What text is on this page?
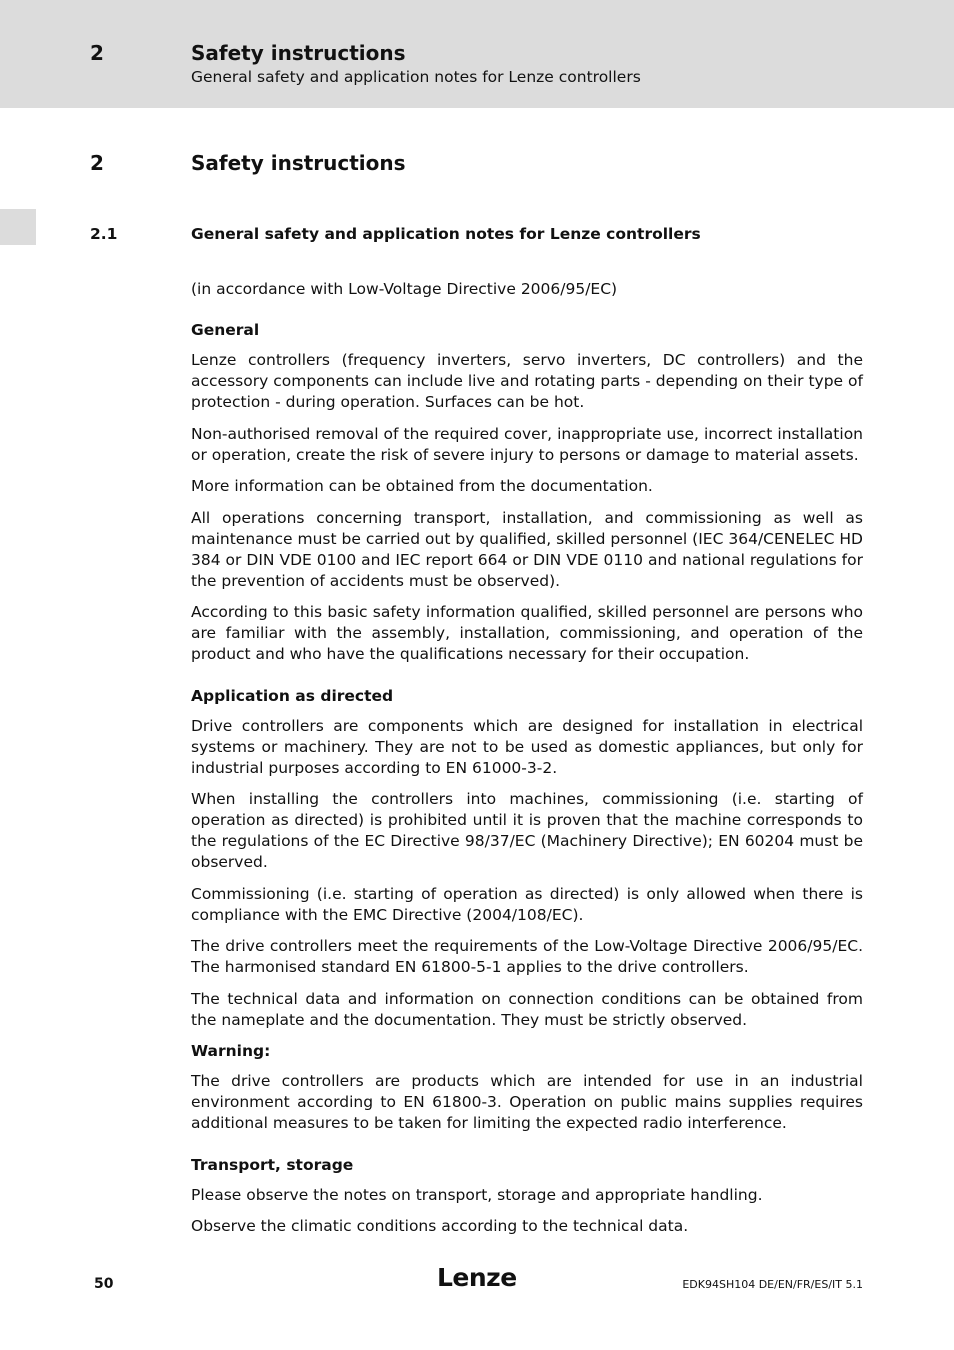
2	Safety instructions
General safety and application notes for Lenze controllers
2	Safety instructions
2.1	General safety and application notes for Lenze controllers

(in accordance with Low-Voltage Directive 2006/95/EC)

General

Lenze controllers (frequency inverters, servo inverters, DC controllers) and the accessory components can include live and rotating parts - depending on their type of protection - during operation. Surfaces can be hot.

Non-authorised removal of the required cover, inappropriate use, incorrect installation or operation, create the risk of severe injury to persons or damage to material assets.

More information can be obtained from the documentation.

All operations concerning transport, installation, and commissioning as well as maintenance must be carried out by qualified, skilled personnel (IEC 364/CENELEC HD 384 or DIN VDE 0100 and IEC report 664 or DIN VDE 0110 and national regulations for the prevention of accidents must be observed).

According to this basic safety information qualified, skilled personnel are persons who are familiar with the assembly, installation, commissioning, and operation of the product and who have the qualifications necessary for their occupation.

Application as directed

Drive controllers are components which are designed for installation in electrical systems or machinery. They are not to be used as domestic appliances, but only for industrial purposes according to EN 61000-3-2.

When installing the controllers into machines, commissioning (i.e. starting of operation as directed) is prohibited until it is proven that the machine corresponds to the regulations of the EC Directive 98/37/EC (Machinery Directive); EN 60204 must be observed.

Commissioning (i.e. starting of operation as directed) is only allowed when there is compliance with the EMC Directive (2004/108/EC).

The drive controllers meet the requirements of the Low-Voltage Directive 2006/95/EC. The harmonised standard EN 61800-5-1 applies to the drive controllers.

The technical data and information on connection conditions can be obtained from the nameplate and the documentation. They must be strictly observed.

Warning:

The drive controllers are products which are intended for use in an industrial environment according to EN 61800-3. Operation on public mains supplies requires additional measures to be taken for limiting the expected radio interference.

Transport, storage

Please observe the notes on transport, storage and appropriate handling.

Observe the climatic conditions according to the technical data.

50	Lenze	EDK94SH104 DE/EN/FR/ES/IT 5.1
